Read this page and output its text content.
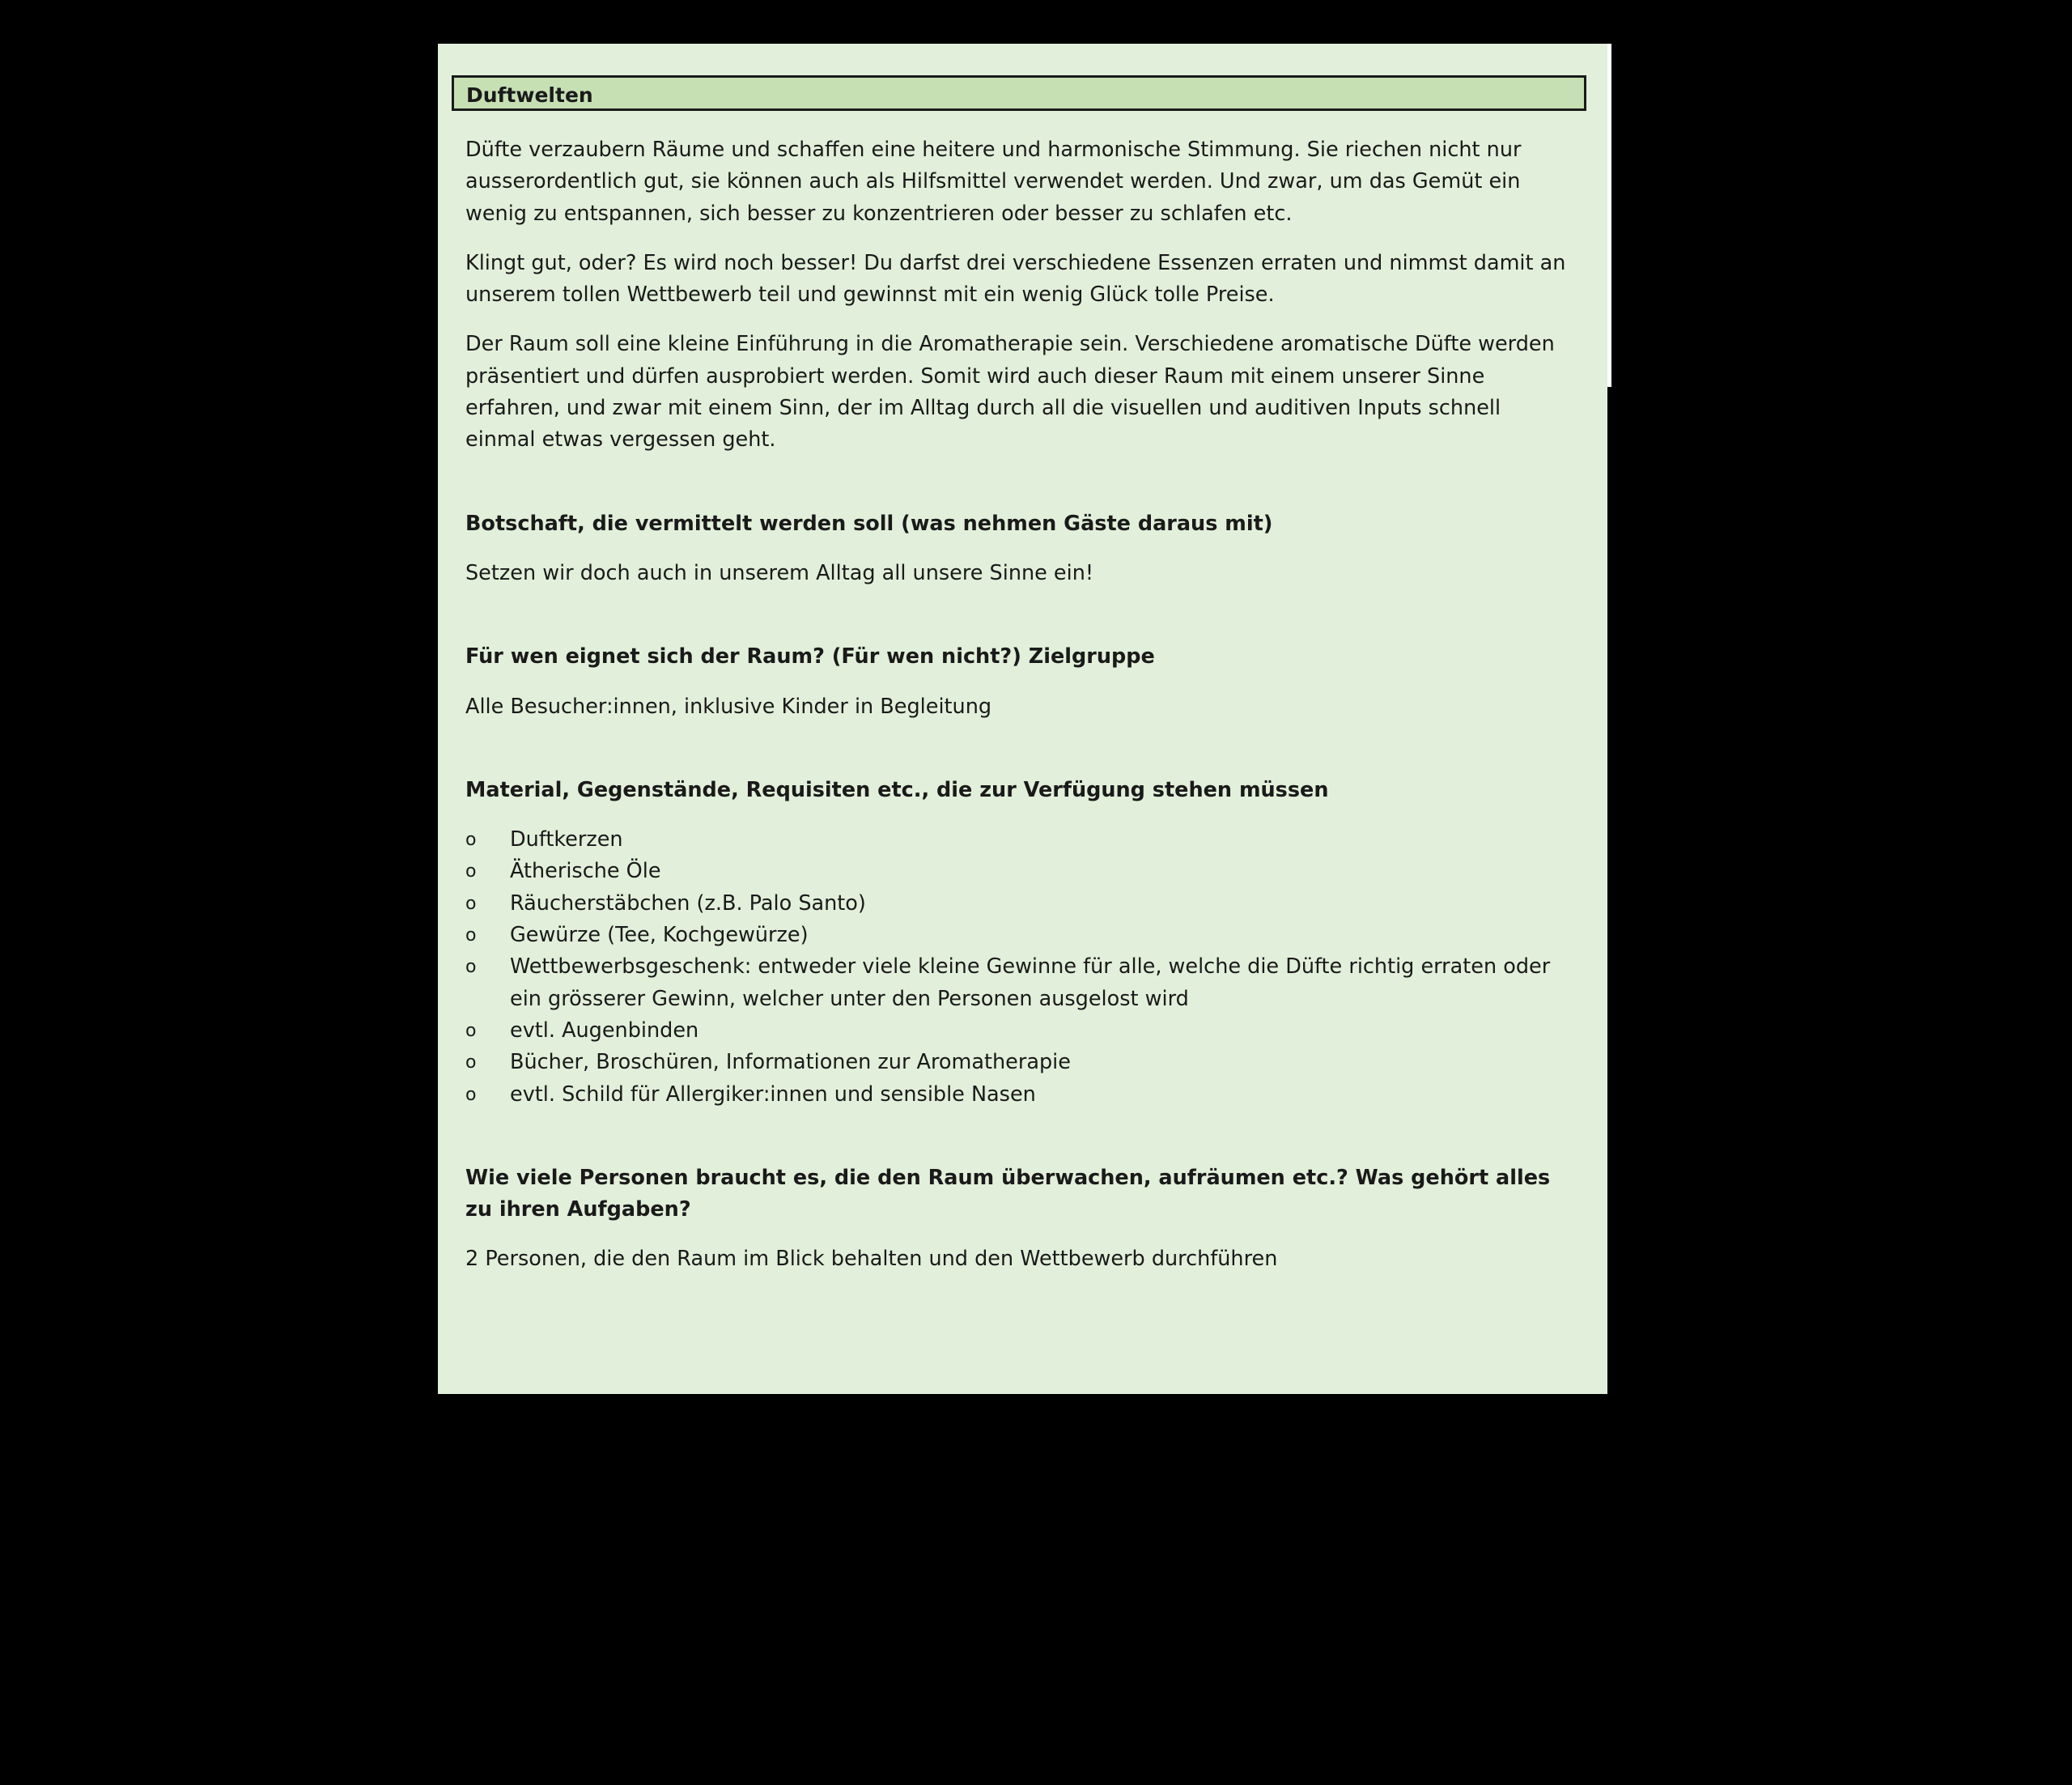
Duftwelten

Düfte verzaubern Räume und schaffen eine heitere und harmonische Stimmung. Sie riechen nicht nur ausserordentlich gut, sie können auch als Hilfsmittel verwendet werden. Und zwar, um das Gemüt ein wenig zu entspannen, sich besser zu konzentrieren oder besser zu schlafen etc.

Klingt gut, oder? Es wird noch besser! Du darfst drei verschiedene Essenzen erraten und nimmst damit an unserem tollen Wettbewerb teil und gewinnst mit ein wenig Glück tolle Preise.

Der Raum soll eine kleine Einführung in die Aromatherapie sein. Verschiedene aromatische Düfte werden präsentiert und dürfen ausprobiert werden. Somit wird auch dieser Raum mit einem unserer Sinne erfahren, und zwar mit einem Sinn, der im Alltag durch all die visuellen und auditiven Inputs schnell einmal etwas vergessen geht.

Botschaft, die vermittelt werden soll (was nehmen Gäste daraus mit)

Setzen wir doch auch in unserem Alltag all unsere Sinne ein!

Für wen eignet sich der Raum? (Für wen nicht?) Zielgruppe

Alle Besucher:innen, inklusive Kinder in Begleitung

Material, Gegenstände, Requisiten etc., die zur Verfügung stehen müssen

o Duftkerzen
o Ätherische Öle
o Räucherstäbchen (z.B. Palo Santo)
o Gewürze (Tee, Kochgewürze)
o Wettbewerbsgeschenk: entweder viele kleine Gewinne für alle, welche die Düfte richtig erraten oder ein grösserer Gewinn, welcher unter den Personen ausgelost wird
o evtl. Augenbinden
o Bücher, Broschüren, Informationen zur Aromatherapie
o evtl. Schild für Allergiker:innen und sensible Nasen

Wie viele Personen braucht es, die den Raum überwachen, aufräumen etc.? Was gehört alles zu ihren Aufgaben?

2 Personen, die den Raum im Blick behalten und den Wettbewerb durchführen
